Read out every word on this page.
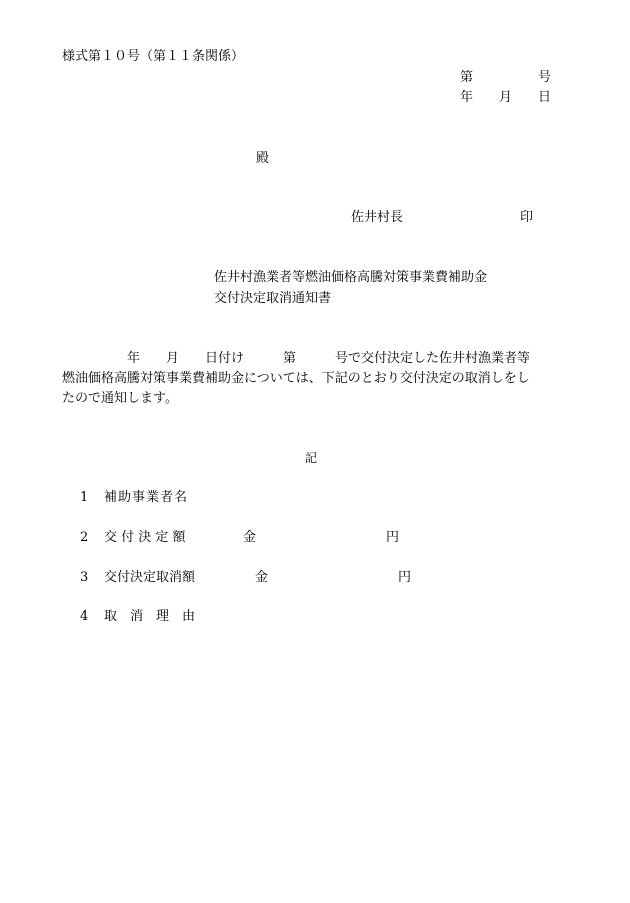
様式第１０号（第１１条関係）
第　　　　　号
年　　月　　日
殿
佐井村長　　　　　　　　　印
佐井村漁業者等燃油価格高騰対策事業費補助金
交付決定取消通知書
　　　　　年　　月　　日付け　　　第　　　号で交付決定した佐井村漁業者等
燃油価格高騰対策事業費補助金については、下記のとおり交付決定の取消しをし
たので通知します。
記
1 補助事業者名
2 交 付 決 定 額	金　　　　　　　　　　円
3 交付決定取消額	金　　　　　　　　　　円
4 取　消　理　由
